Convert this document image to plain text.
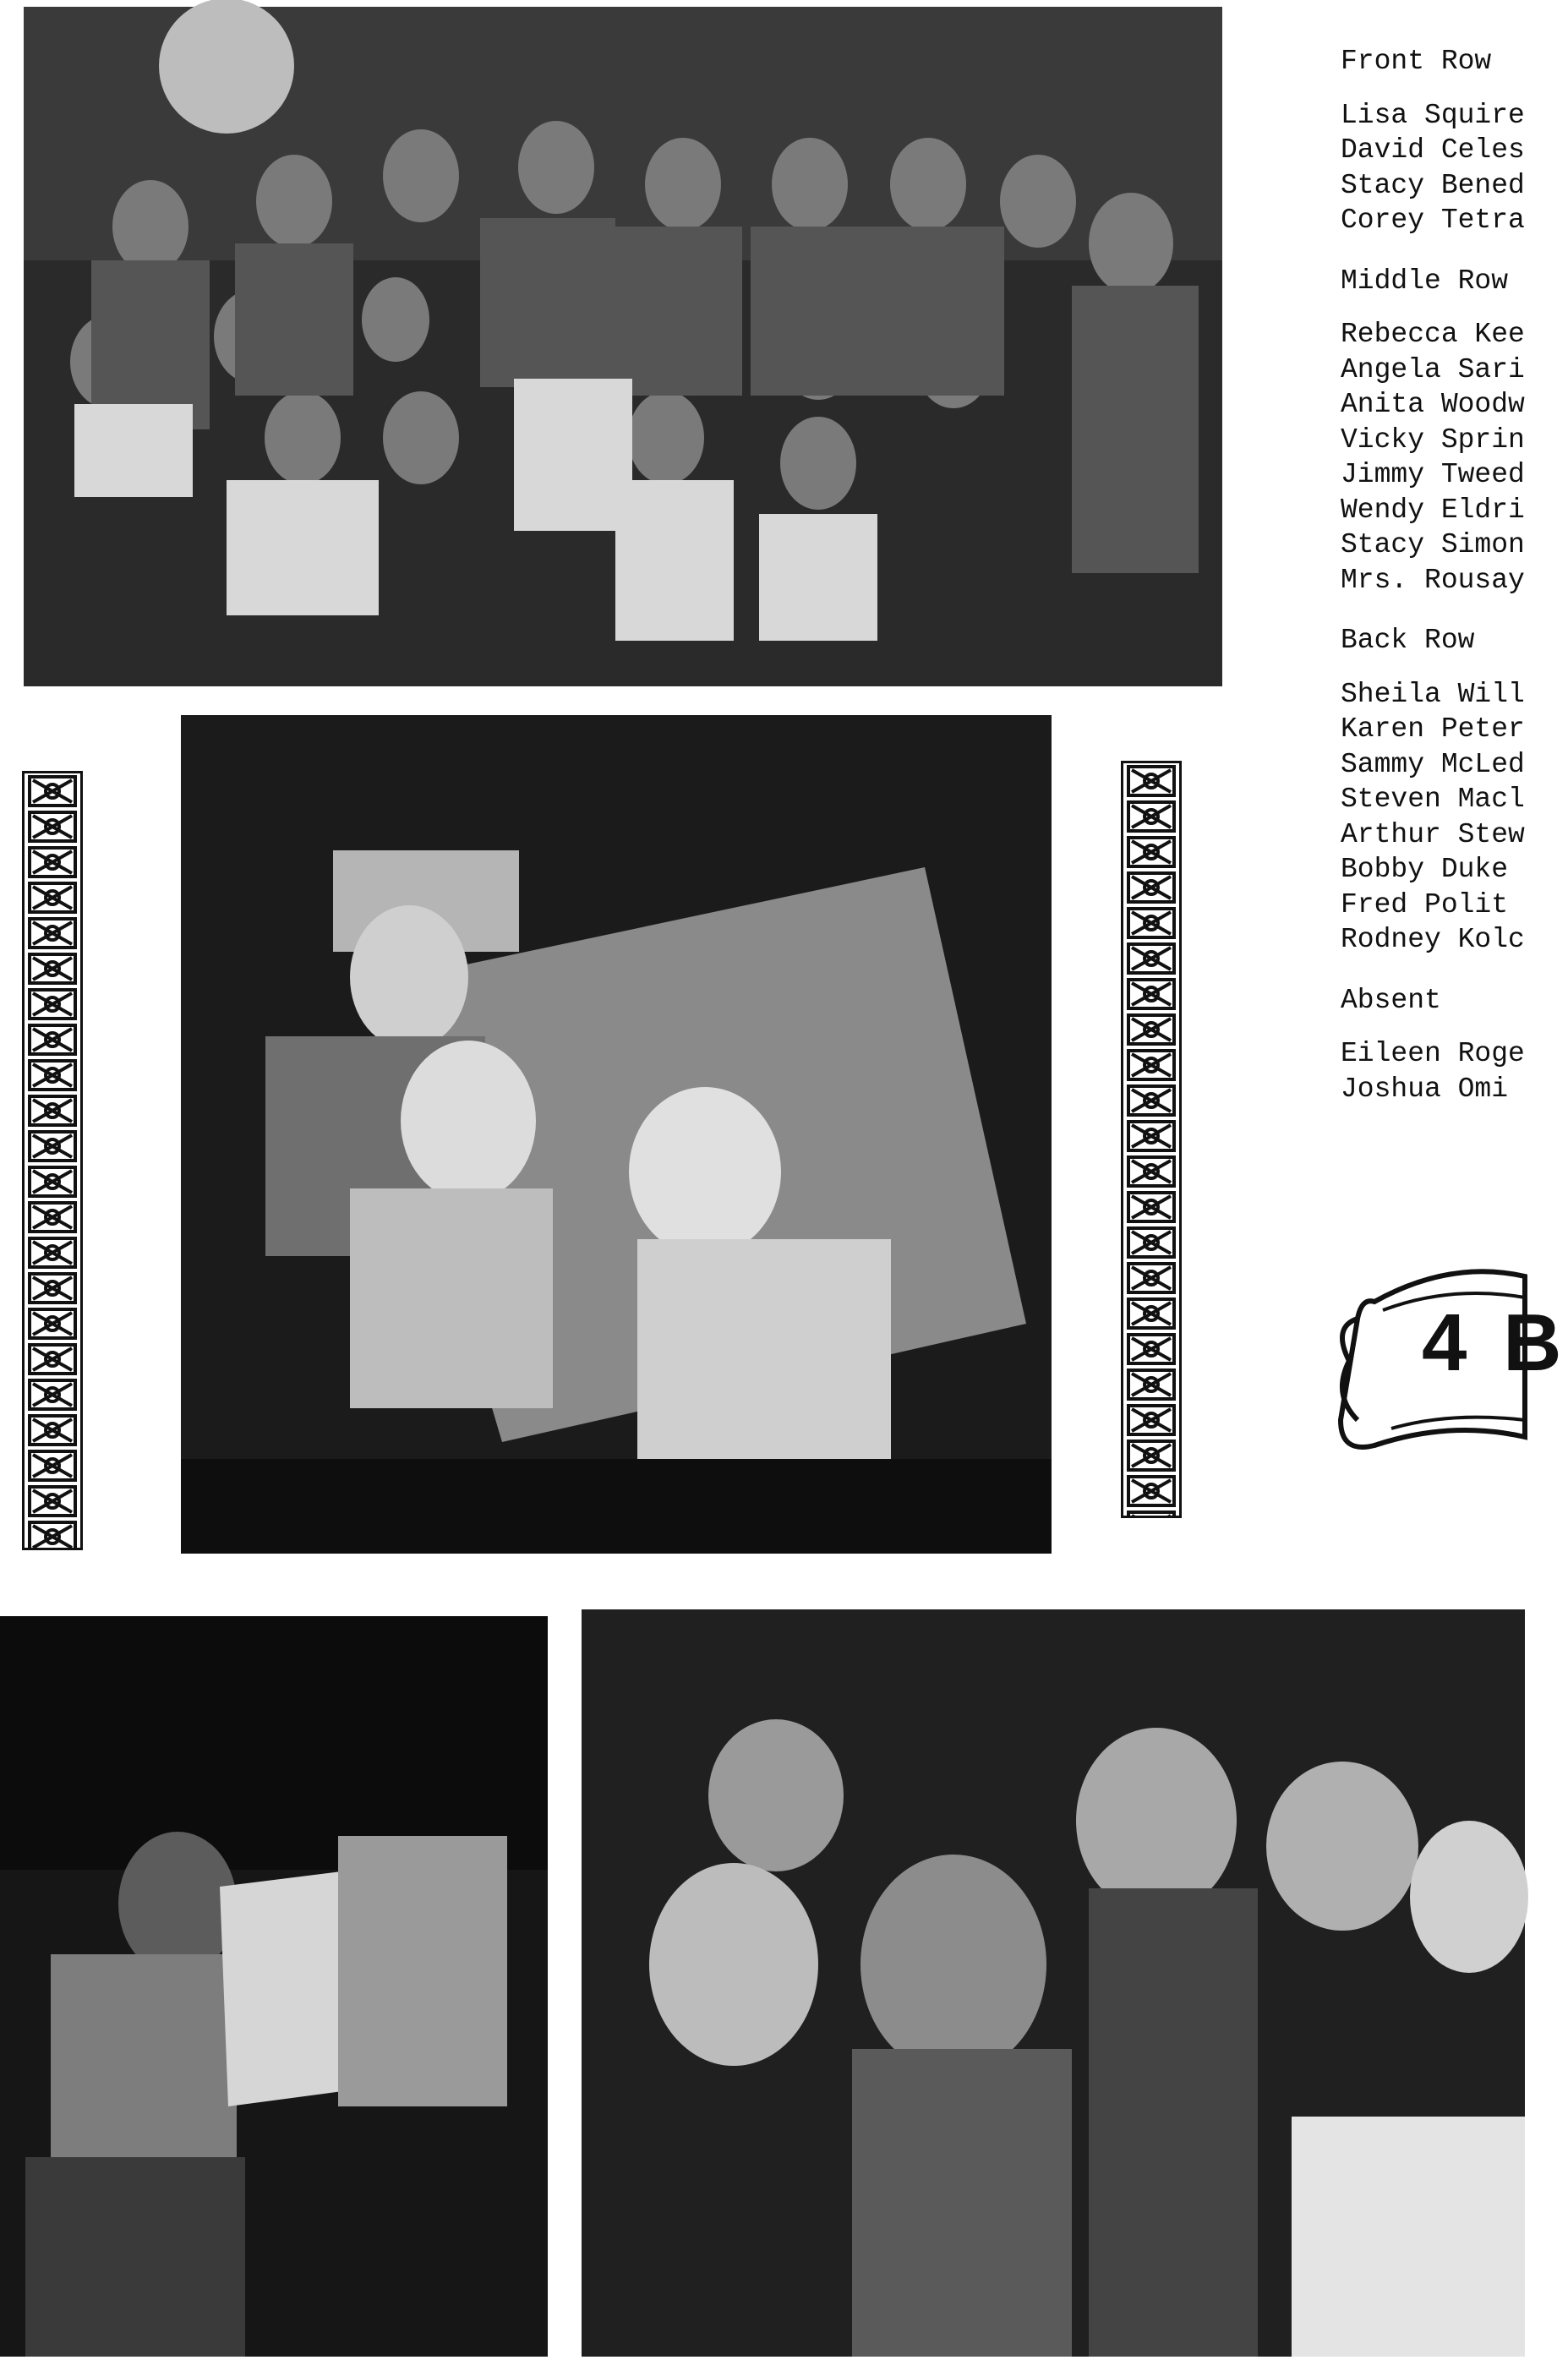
Front Row
Lisa Squire
David Celes
Stacy Bened
Corey Tetra
Middle Row
Rebecca Kee
Angela Sari
Anita Woodw
Vicky Sprin
Jimmy Tweed
Wendy Eldri
Stacy Simon
Mrs. Rousay
Back Row
Sheila Will
Karen Peter
Sammy McLed
Steven Macl
Arthur Stew
Bobby Duke
Fred Polit
Rodney Kolc
Absent
Eileen Roge
Joshua Omi
4 B
